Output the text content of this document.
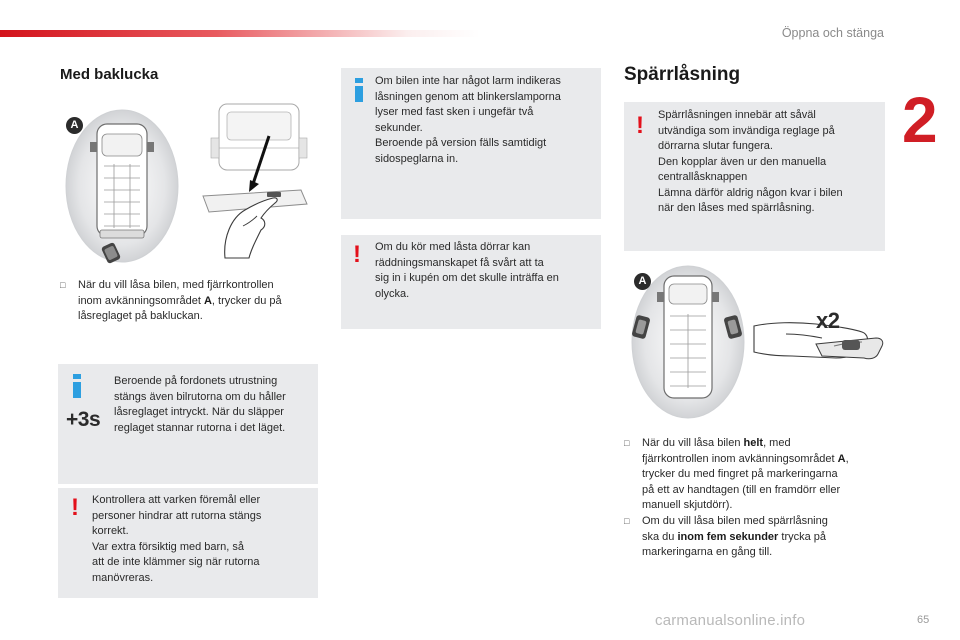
Öppna och stänga
2
65
carmanualsonline.info
Med baklucka
A
□	När du vill låsa bilen, med fjärrkontrollen
inom avkänningsområdet A, trycker du på
låsreglaget på bakluckan.
Beroende på fordonets utrustning
stängs även bilrutorna om du håller
låsreglaget intryckt. När du släpper
reglaget stannar rutorna i det läget.
+3s
! Kontrollera att varken föremål eller
personer hindrar att rutorna stängs
korrekt.
Var extra försiktig med barn, så
att de inte klämmer sig när rutorna
manövreras.
Om bilen inte har något larm indikeras
låsningen genom att blinkerslamporna
lyser med fast sken i ungefär två
sekunder.
Beroende på version fälls samtidigt
sidospeglarna in.
! Om du kör med låsta dörrar kan
räddningsmanskapet få svårt att ta
sig in i kupén om det skulle inträffa en
olycka.
Spärrlåsning
! Spärrlåsningen innebär att såväl
utvändiga som invändiga reglage på
dörrarna slutar fungera.
Den kopplar även ur den manuella
centrallåsknappen
Lämna därför aldrig någon kvar i bilen
när den låses med spärrlåsning.
A
x2
□	När du vill låsa bilen helt, med
fjärrkontrollen inom avkänningsområdet A,
trycker du med fingret på markeringarna
på ett av handtagen (till en framdörr eller
manuell skjutdörr).
□	Om du vill låsa bilen med spärrlåsning
ska du inom fem sekunder trycka på
markeringarna en gång till.
